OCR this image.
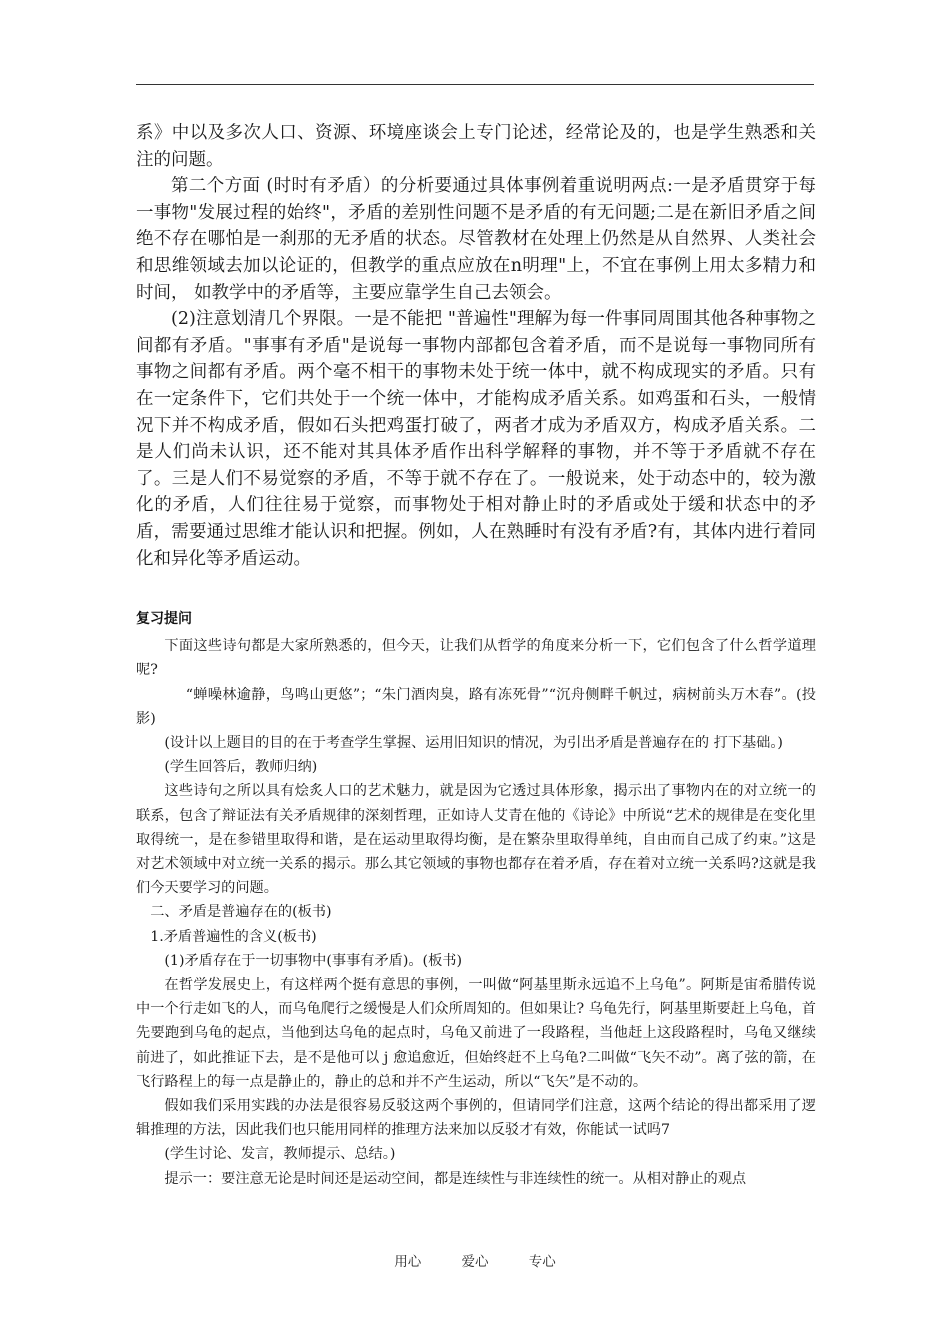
系》中以及多次人口、资源、环境座谈会上专门论述，经常论及的，也是学生熟悉和关注的问题。

第二个方面 (时时有矛盾）的分析要通过具体事例着重说明两点:一是矛盾贯穿于每一事物"发展过程的始终"，矛盾的差别性问题不是矛盾的有无问题;二是在新旧矛盾之间绝不存在哪怕是一刹那的无矛盾的状态。尽管教材在处理上仍然是从自然界、人类社会和思维领域去加以论证的，但教学的重点应放在n明理"上，不宜在事例上用太多精力和时间， 如教学中的矛盾等，主要应靠学生自己去领会。

(2)注意划清几个界限。一是不能把 "普遍性"理解为每一件事同周围其他各种事物之间都有矛盾。"事事有矛盾"是说每一事物内部都包含着矛盾，而不是说每一事物同所有事物之间都有矛盾。两个毫不相干的事物未处于统一体中，就不构成现实的矛盾。只有在一定条件下，它们共处于一个统一体中，才能构成矛盾关系。如鸡蛋和石头，一般情况下并不构成矛盾，假如石头把鸡蛋打破了，两者才成为矛盾双方，构成矛盾关系。二是人们尚未认识，还不能对其具体矛盾作出科学解释的事物，并不等于矛盾就不存在了。三是人们不易觉察的矛盾，不等于就不存在了。一般说来，处于动态中的，较为激化的矛盾，人们往往易于觉察，而事物处于相对静止时的矛盾或处于缓和状态中的矛盾，需要通过思维才能认识和把握。例如，人在熟睡时有没有矛盾?有，其体内进行着同化和异化等矛盾运动。

复习提问

下面这些诗句都是大家所熟悉的，但今天，让我们从哲学的角度来分析一下，它们包含了什么哲学道理呢?

“蝉噪林逾静，鸟鸣山更悠”；“朱门酒肉臭，路有冻死骨”“沉舟侧畔千帆过，病树前头万木春”。(投影)

(设计以上题目的目的在于考查学生掌握、运用旧知识的情况，为引出矛盾是普遍存在的 打下基础。)

(学生回答后，教师归纳)

这些诗句之所以具有烩炙人口的艺术魅力，就是因为它透过具体形象，揭示出了事物内在的对立统一的联系，包含了辩证法有关矛盾规律的深刻哲理，正如诗人艾青在他的《诗论》中所说“艺术的规律是在变化里取得统一，是在参错里取得和谐，是在运动里取得均衡，是在繁杂里取得单纯，自由而自己成了约束。”这是对艺术领域中对立统一关系的揭示。那么其它领域的事物也都存在着矛盾，存在着对立统一关系吗?这就是我们今天要学习的问题。

二、矛盾是普遍存在的(板书)

1.矛盾普遍性的含义(板书)

(1)矛盾存在于一切事物中(事事有矛盾)。(板书)

在哲学发展史上，有这样两个挺有意思的事例，一叫做“阿基里斯永远追不上乌龟”。阿斯是宙希腊传说中一个行走如飞的人，而乌龟爬行之缓慢是人们众所周知的。但如果让? 乌龟先行，阿基里斯要赶上乌龟，首先要跑到乌龟的起点，当他到达乌龟的起点时，乌龟又前进了一段路程，当他赶上这段路程时，乌龟又继续前进了，如此推证下去，是不是他可以 j 愈追愈近，但始终赶不上乌龟?二叫做“飞矢不动”。离了弦的箭，在飞行路程上的每一点是静止的，静止的总和并不产生运动，所以“飞矢”是不动的。

假如我们采用实践的办法是很容易反驳这两个事例的，但请同学们注意，这两个结论的得出都采用了逻辑推理的方法，因此我们也只能用同样的推理方法来加以反驳才有效，你能试一试吗7

(学生讨论、发言，教师提示、总结。)

提示一：要注意无论是时间还是运动空间，都是连续性与非连续性的统一。从相对静止的观点

用心	爱心	专心
